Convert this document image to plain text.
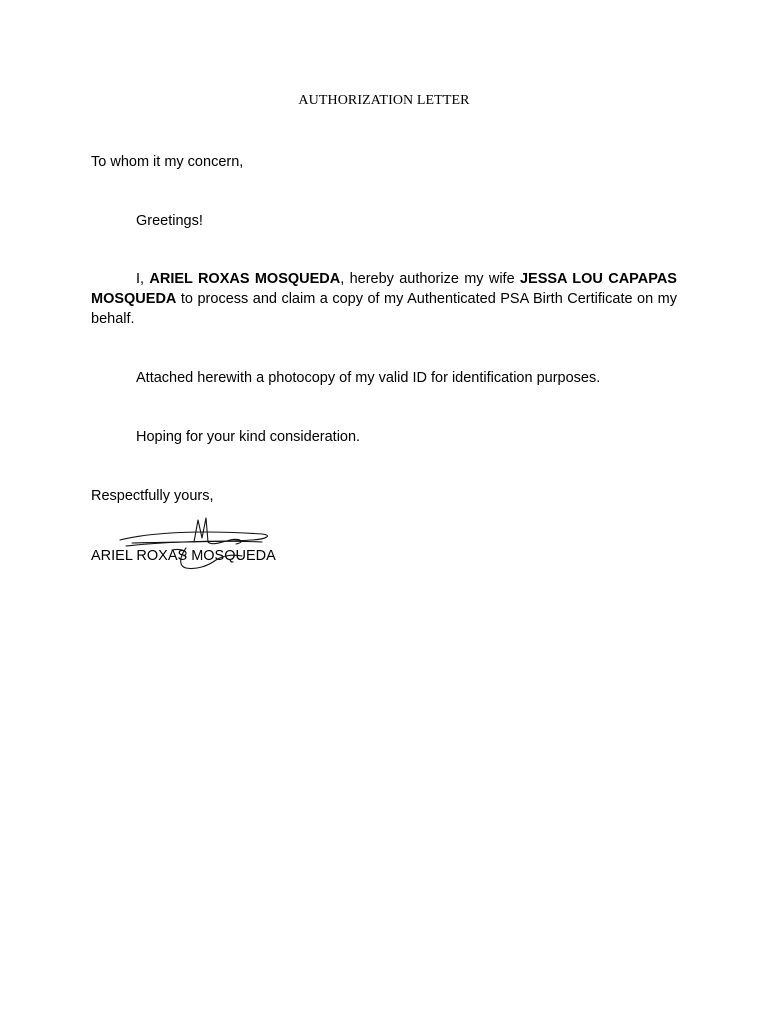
AUTHORIZATION LETTER
To whom it my concern,
Greetings!
I, ARIEL ROXAS MOSQUEDA, hereby authorize my wife JESSA LOU CAPAPAS MOSQUEDA to process and claim a copy of my Authenticated PSA Birth Certificate on my behalf.
Attached herewith a photocopy of my valid ID for identification purposes.
Hoping for your kind consideration.
Respectfully yours,
ARIEL ROXAS MOSQUEDA
